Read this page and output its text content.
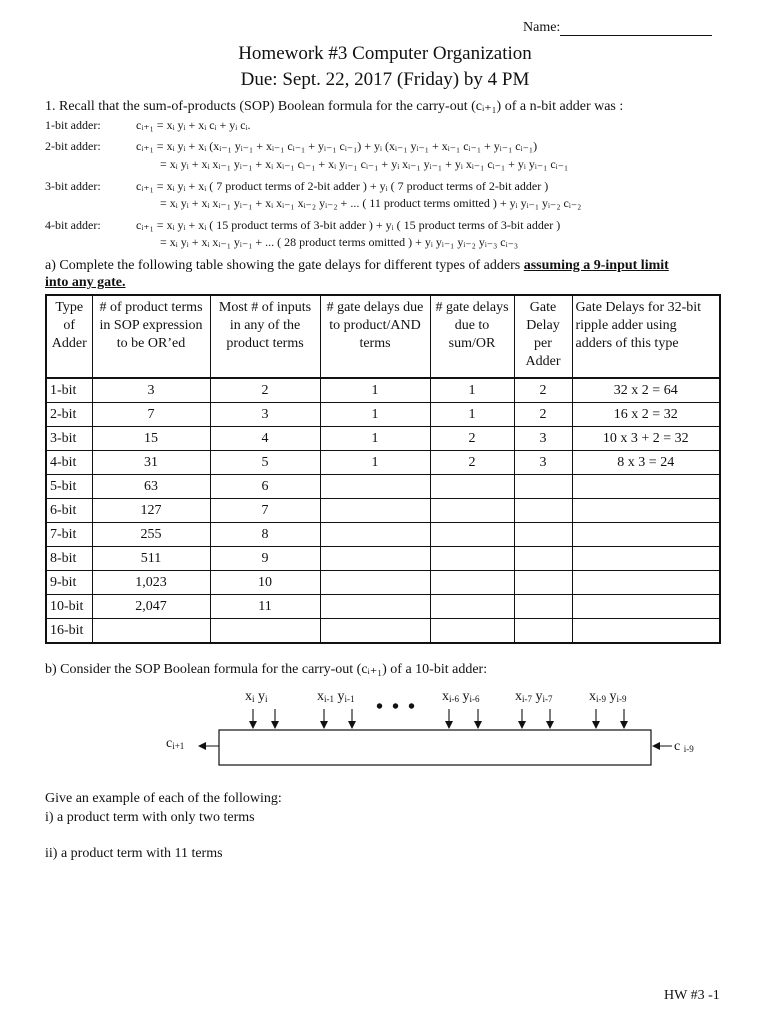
Name:
Homework #3 Computer Organization
Due: Sept. 22, 2017 (Friday) by 4 PM
1. Recall that the sum-of-products (SOP) Boolean formula for the carry-out (cᵢ₊₁) of a n-bit adder was :
1-bit adder:	cᵢ₊₁ = xᵢ yᵢ + xᵢ cᵢ + yᵢ cᵢ.
2-bit adder:	cᵢ₊₁ = xᵢ yᵢ + xᵢ (xᵢ₋₁ yᵢ₋₁ + xᵢ₋₁ cᵢ₋₁ + yᵢ₋₁ cᵢ₋₁) + yᵢ (xᵢ₋₁ yᵢ₋₁ + xᵢ₋₁ cᵢ₋₁ + yᵢ₋₁ cᵢ₋₁)
= xᵢ yᵢ + xᵢ xᵢ₋₁ yᵢ₋₁ + xᵢ xᵢ₋₁ cᵢ₋₁ + xᵢ yᵢ₋₁ cᵢ₋₁ + yᵢ xᵢ₋₁ yᵢ₋₁ + yᵢ xᵢ₋₁ cᵢ₋₁ + yᵢ yᵢ₋₁ cᵢ₋₁
3-bit adder:	cᵢ₊₁ = xᵢ yᵢ + xᵢ ( 7 product terms of 2-bit adder ) + yᵢ ( 7 product terms of 2-bit adder )
= xᵢ yᵢ + xᵢ xᵢ₋₁ yᵢ₋₁ + xᵢ xᵢ₋₁ xᵢ₋₂ yᵢ₋₂ + ... ( 11 product terms omitted ) + yᵢ yᵢ₋₁ yᵢ₋₂ cᵢ₋₂
4-bit adder:	cᵢ₊₁ = xᵢ yᵢ + xᵢ ( 15 product terms of 3-bit adder ) + yᵢ ( 15 product terms of 3-bit adder )
= xᵢ yᵢ + xᵢ xᵢ₋₁ yᵢ₋₁ + ... ( 28 product terms omitted ) + yᵢ yᵢ₋₁ yᵢ₋₂ yᵢ₋₃ cᵢ₋₃
a) Complete the following table showing the gate delays for different types of adders assuming a 9-input limit
into any gate.
Type of Adder	# of product terms in SOP expression to be OR’ed	Most # of inputs in any of the product terms	# gate delays due to product/AND terms	# gate delays due to sum/OR	Gate Delay per Adder	Gate Delays for 32-bit ripple adder using adders of this type
1-bit	3	2	1	1	2	32 x 2 = 64
2-bit	7	3	1	1	2	16 x 2 = 32
3-bit	15	4	1	2	3	10 x 3 + 2 = 32
4-bit	31	5	1	2	3	8 x 3 = 24
5-bit	63	6				
6-bit	127	7				
7-bit	255	8				
8-bit	511	9				
9-bit	1,023	10				
10-bit	2,047	11				
16-bit						
b) Consider the SOP Boolean formula for the carry-out (cᵢ₊₁) of a 10-bit adder:
$x_i$ $y_i$	$x_{i-1}$ $y_{i-1}$ • • • $x_{i-6}$ $y_{i-6}$	$x_{i-7}$ $y_{i-7}$	$x_{i-9}$ $y_{i-9}$
$c_{i+1}$	c $_{i-9}$
Give an example of each of the following:
i) a product term with only two terms
ii) a product term with 11 terms
HW #3 -1
